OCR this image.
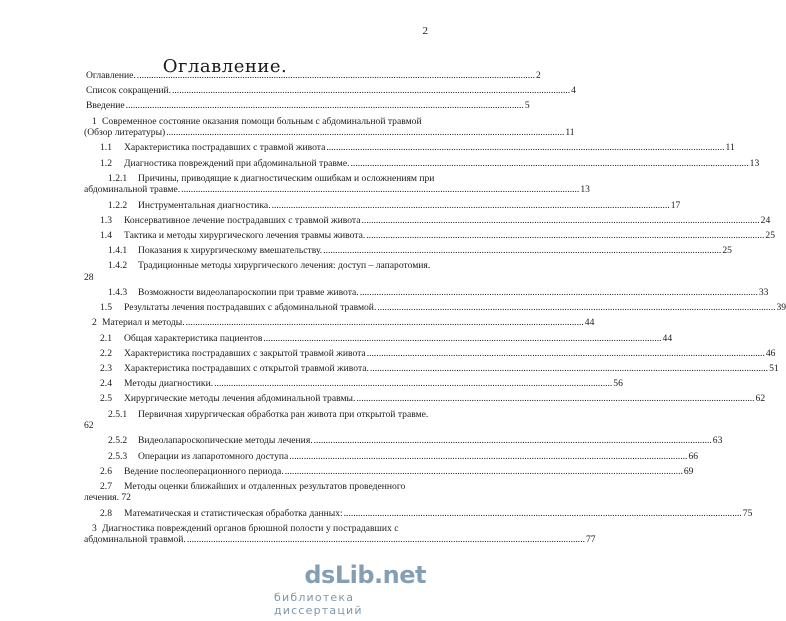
2
Оглавление.
Оглавление. .....	2
Список сокращений. .....	4
Введение .....	5
1 Современное состояние оказания помощи больным с абдоминальной травмой
(Обзор литературы) .....	11
1.1	Характеристика пострадавших с травмой живота .....	11
1.2	Диагностика повреждений при абдоминальной травме. .....	13
1.2.1	Причины, приводящие к диагностическим ошибкам и осложнениям при
абдоминальной травме. .....	13
1.2.2	Инструментальная диагностика. .....	17
1.3	Консервативное лечение пострадавших с травмой живота .....	24
1.4	Тактика и методы хирургического лечения травмы живота. .....	25
1.4.1	Показания к хирургическому вмешательству. .....	25
1.4.2	Традиционные методы хирургического лечения: доступ – лапаротомия.
28
1.4.3	Возможности видеолапароскопии при травме живота. .....	33
1.5	Результаты лечения пострадавших с абдоминальной травмой. .....	39
2 Материал и методы. .....	44
2.1	Общая характеристика пациентов .....	44
2.2	Характеристика пострадавших с закрытой травмой живота .....	46
2.3	Характеристика пострадавших с открытой травмой живота. .....	51
2.4	Методы диагностики. .....	56
2.5	Хирургические методы лечения абдоминальной травмы. .....	62
2.5.1	Первичная хирургическая обработка ран живота при открытой травме.
62
2.5.2	Видеолапароскопические методы лечения. .....	63
2.5.3	Операции из лапаротомного доступа .....	66
2.6	Ведение послеоперационного периода. .....	69
2.7	Методы оценки ближайших и отдаленных результатов проведенного
лечения. 72
2.8	Математическая и статистическая обработка данных: .....	75
3 Диагностика повреждений органов брюшной полости у пострадавших с
абдоминальной травмой. .....	77
dsLib.net
библиотека диссертаций
